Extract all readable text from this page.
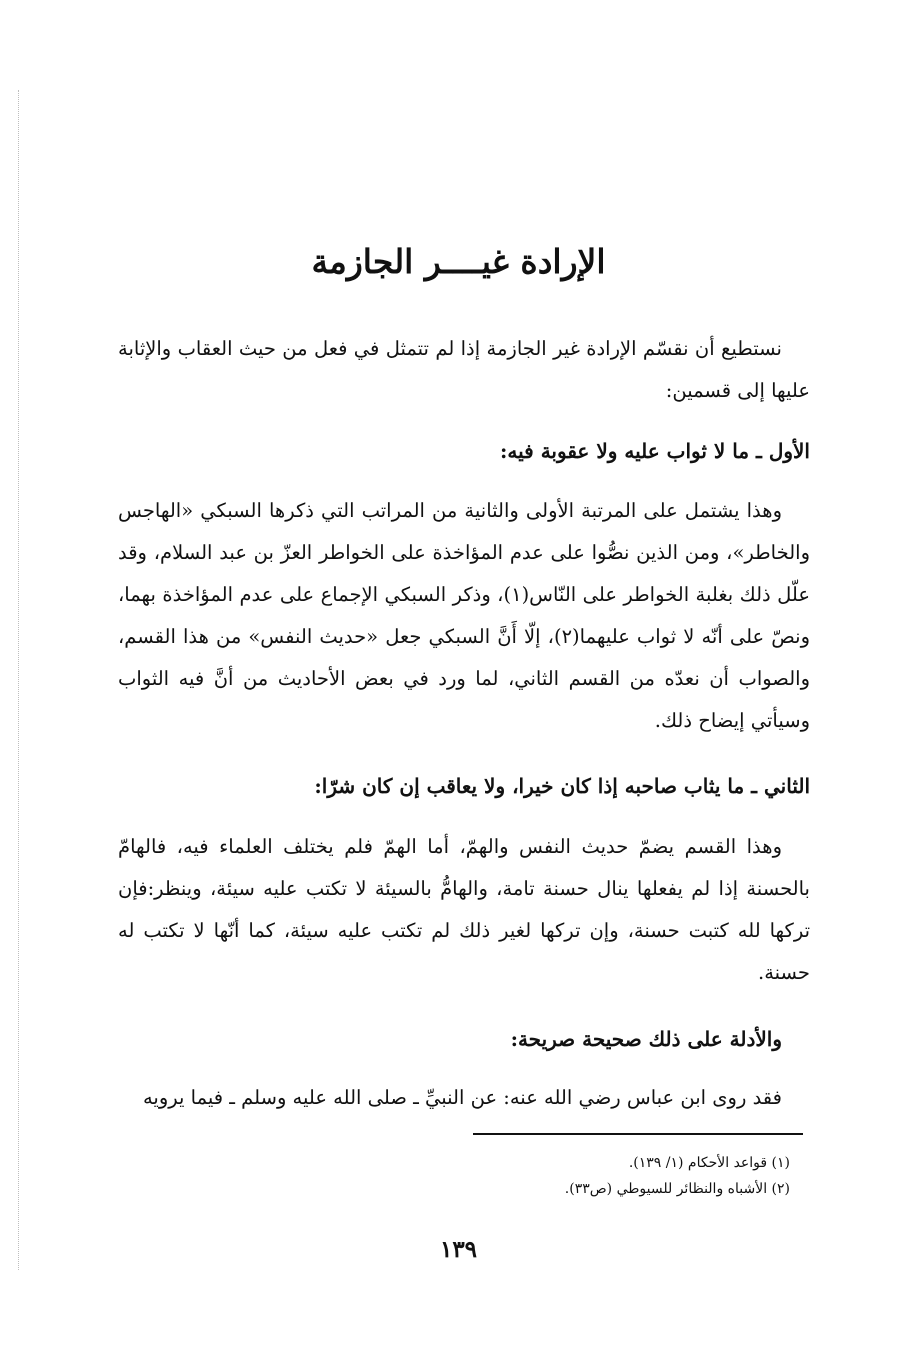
الإرادة غيــــر الجازمة

نستطيع أن نقسّم الإرادة غير الجازمة إذا لم تتمثل في فعل من حيث العقاب والإثابة عليها إلى قسمين:

الأول ـ ما لا ثواب عليه ولا عقوبة فيه:

وهذا يشتمل على المرتبة الأولى والثانية من المراتب التي ذكرها السبكي «الهاجس والخاطر»، ومن الذين نصُّوا على عدم المؤاخذة على الخواطر العزّ بن عبد السلام، وقد علّل ذلك بغلبة الخواطر على النّاس(١)، وذكر السبكي الإجماع على عدم المؤاخذة بهما، ونصّ على أنّه لا ثواب عليهما(٢)، إلّا أَنَّ السبكي جعل «حديث النفس» من هذا القسم، والصواب أن نعدّه من القسم الثاني، لما ورد في بعض الأحاديث من أنَّ فيه الثواب وسيأتي إيضاح ذلك.

الثاني ـ ما يثاب صاحبه إذا كان خيرا، ولا يعاقب إن كان شرّا:

وهذا القسم يضمّ حديث النفس والهمّ، أما الهمّ فلم يختلف العلماء فيه، فالهامّ بالحسنة إذا لم يفعلها ينال حسنة تامة، والهامُّ بالسيئة لا تكتب عليه سيئة، وينظر:فإن تركها لله كتبت حسنة، وإن تركها لغير ذلك لم تكتب عليه سيئة، كما أنّها لا تكتب له حسنة.

والأدلة على ذلك صحيحة صريحة:

فقد روى ابن عباس رضي الله عنه: عن النبيِّ ـ صلى الله عليه وسلم ـ فيما يرويه

(١) قواعد الأحكام (١/ ١٣٩).
(٢) الأشباه والنظائر للسيوطي (ص٣٣).
١٣٩
